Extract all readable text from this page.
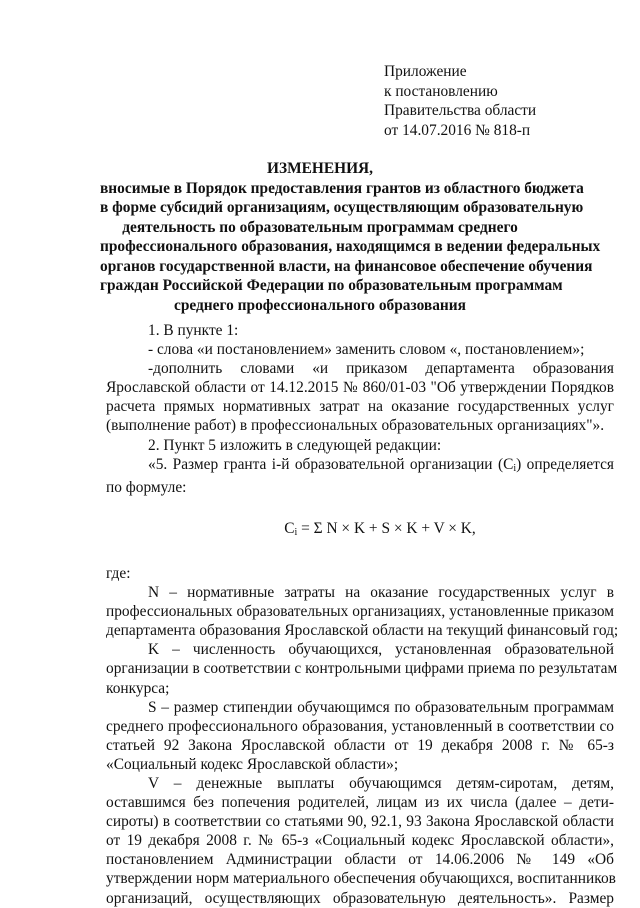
Приложение
к постановлению
Правительства области
от 14.07.2016 № 818-п
ИЗМЕНЕНИЯ,
вносимые в Порядок предоставления грантов из областного бюджета
в форме субсидий организациям, осуществляющим образовательную
деятельность по образовательным программам среднего
профессионального образования, находящимся в ведении федеральных
органов государственной власти, на финансовое обеспечение обучения
граждан Российской Федерации по образовательным программам
среднего профессионального образования
1. В пункте 1:
- слова «и постановлением» заменить словом «, постановлением»;
-дополнить словами «и приказом департамента образования
Ярославской области от 14.12.2015 № 860/01-03 "Об утверждении Порядков
расчета прямых нормативных затрат на оказание государственных услуг
(выполнение работ) в профессиональных образовательных организациях"».
2. Пункт 5 изложить в следующей редакции:
«5. Размер гранта i-й образовательной организации $(C_i)$ определяется
по формуле:
$C_i = \Sigma$ N × K + S × K + V × K,
где:
N – нормативные затраты на оказание государственных услуг в
профессиональных образовательных организациях, установленные приказом
департамента образования Ярославской области на текущий финансовый год;
K – численность обучающихся, установленная образовательной
организации в соответствии с контрольными цифрами приема по результатам
конкурса;
S – размер стипендии обучающимся по образовательным программам
среднего профессионального образования, установленный в соответствии со
статьей 92 Закона Ярославской области от 19 декабря 2008 г. № 65-з
«Социальный кодекс Ярославской области»;
V – денежные выплаты обучающимся детям-сиротам, детям,
оставшимся без попечения родителей, лицам из их числа (далее – дети-
сироты) в соответствии со статьями 90, 92.1, 93 Закона Ярославской области
от 19 декабря 2008 г. № 65-з «Социальный кодекс Ярославской области»,
постановлением Администрации области от 14.06.2006 № 149 «Об
утверждении норм материального обеспечения обучающихся, воспитанников
организаций, осуществляющих образовательную деятельность». Размер
